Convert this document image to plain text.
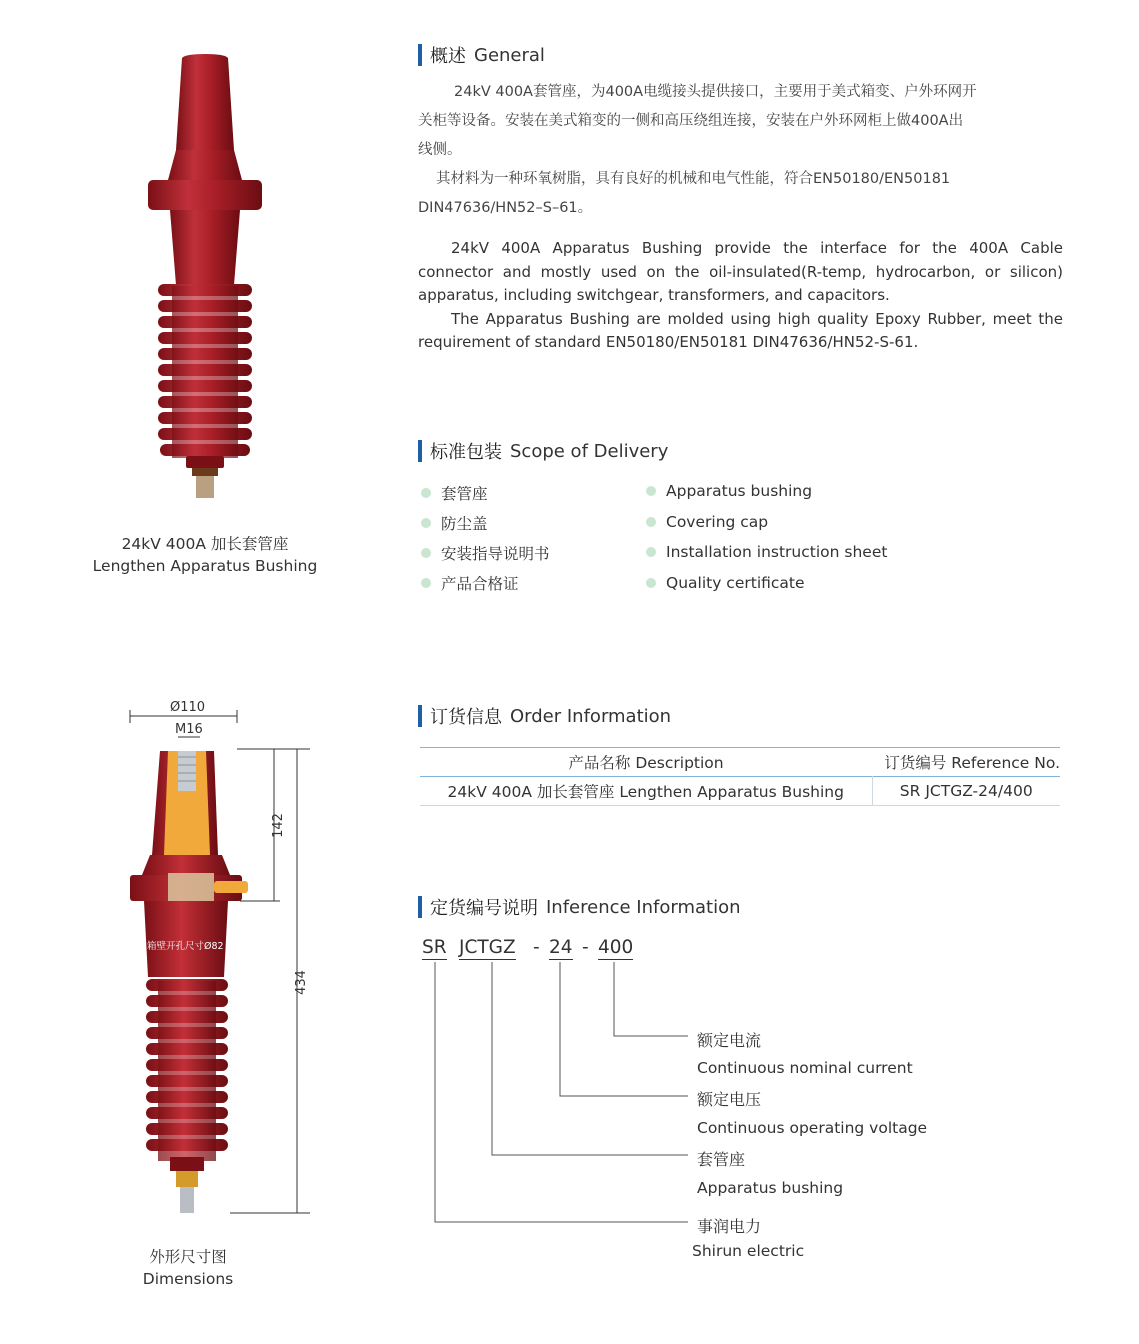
24kV 400A 加长套管座
Lengthen Apparatus Bushing
概述 General
24kV 400A套管座，为400A电缆接头提供接口，主要用于美式箱变、户外环网开
关柜等设备。安装在美式箱变的一侧和高压绕组连接，安装在户外环网柜上做400A出
线侧。
其材料为一种环氧树脂，具有良好的机械和电气性能，符合EN50180/EN50181
DIN47636/HN52–S–61。
24kV 400A Apparatus Bushing provide the interface for the 400A Cable connector and mostly used on the oil-insulated(R-temp, hydrocarbon, or silicon) apparatus, including switchgear, transformers, and capacitors.
The Apparatus Bushing are molded using high quality Epoxy Rubber, meet the requirement of standard EN50180/EN50181 DIN47636/HN52-S-61.
标准包装 Scope of Delivery
套管座
防尘盖
安装指导说明书
产品合格证
Apparatus bushing
Covering cap
Installation instruction sheet
Quality certificate
Ø110
M16
142
434
箱壁开孔尺寸Ø82
外形尺寸图
Dimensions
订货信息 Order Information
产品名称 Description	订货编号 Reference No.
24kV 400A 加长套管座 Lengthen Apparatus Bushing	SR JCTGZ-24/400
定货编号说明 Inference Information
SR JCTGZ - 24 - 400
额定电流
Continuous nominal current
额定电压
Continuous operating voltage
套管座
Apparatus bushing
事润电力
Shirun electric
